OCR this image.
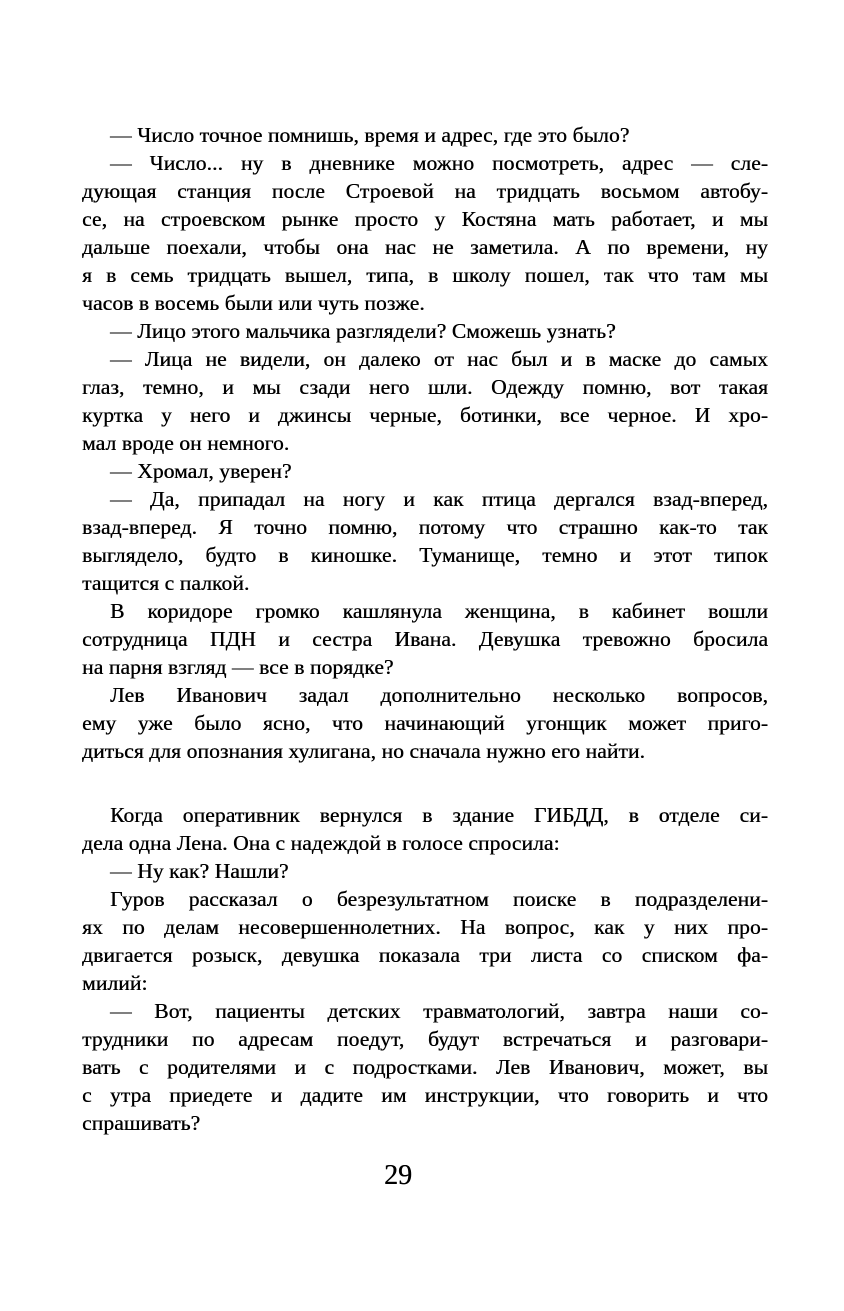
— Число точное помнишь, время и адрес, где это было?
— Число... ну в дневнике можно посмотреть, адрес — сле-
дующая станция после Строевой на тридцать восьмом автобу-
се, на строевском рынке просто у Костяна мать работает, и мы
дальше поехали, чтобы она нас не заметила. А по времени, ну
я в семь тридцать вышел, типа, в школу пошел, так что там мы
часов в восемь были или чуть позже.
— Лицо этого мальчика разглядели? Сможешь узнать?
— Лица не видели, он далеко от нас был и в маске до самых
глаз, темно, и мы сзади него шли. Одежду помню, вот такая
куртка у него и джинсы черные, ботинки, все черное. И хро-
мал вроде он немного.
— Хромал, уверен?
— Да, припадал на ногу и как птица дергался взад-вперед,
взад-вперед. Я точно помню, потому что страшно как-то так
выглядело, будто в киношке. Туманище, темно и этот типок
тащится с палкой.
В коридоре громко кашлянула женщина, в кабинет вошли
сотрудница ПДН и сестра Ивана. Девушка тревожно бросила
на парня взгляд — все в порядке?
Лев Иванович задал дополнительно несколько вопросов,
ему уже было ясно, что начинающий угонщик может приго-
диться для опознания хулигана, но сначала нужно его найти.
Когда оперативник вернулся в здание ГИБДД, в отделе си-
дела одна Лена. Она с надеждой в голосе спросила:
— Ну как? Нашли?
Гуров рассказал о безрезультатном поиске в подразделени-
ях по делам несовершеннолетних. На вопрос, как у них про-
двигается розыск, девушка показала три листа со списком фа-
милий:
— Вот, пациенты детских травматологий, завтра наши со-
трудники по адресам поедут, будут встречаться и разговари-
вать с родителями и с подростками. Лев Иванович, может, вы
с утра приедете и дадите им инструкции, что говорить и что
спрашивать?
29
